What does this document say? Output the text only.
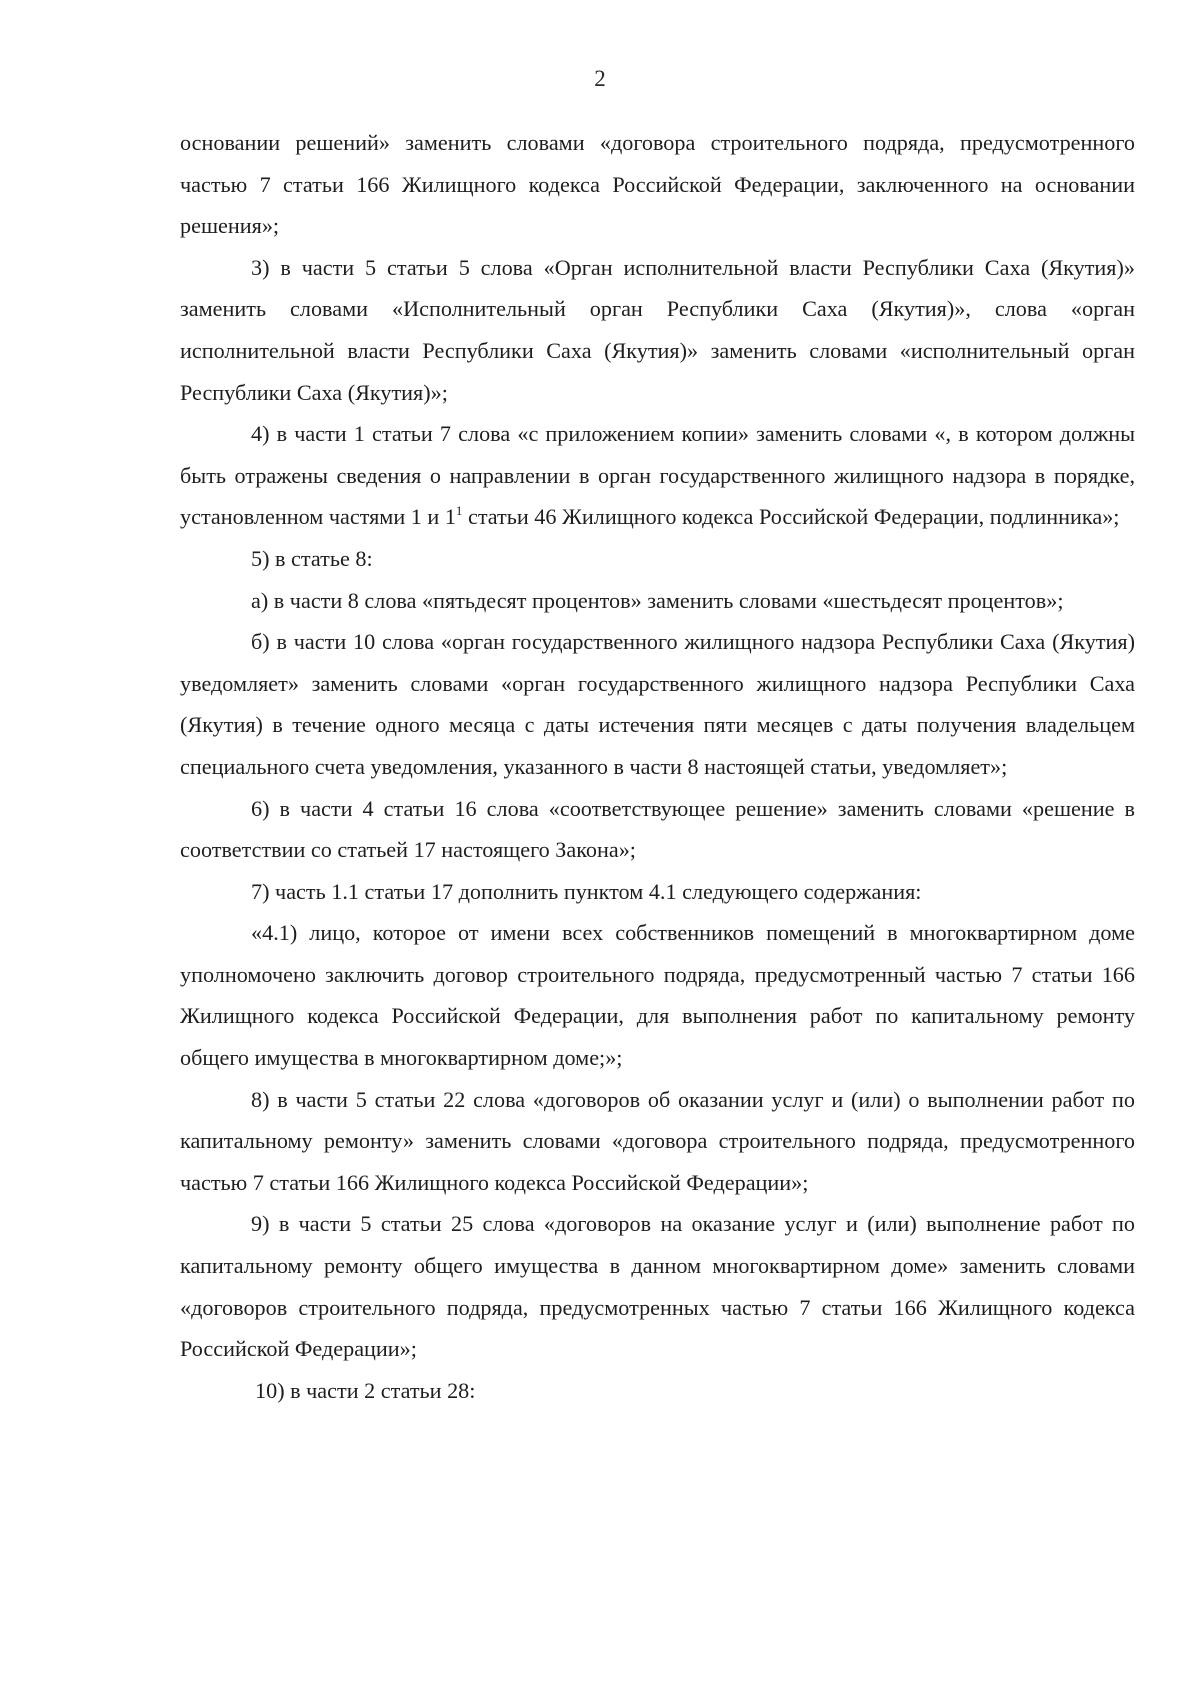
2

основании решений» заменить словами «договора строительного подряда, предусмотренного частью 7 статьи 166 Жилищного кодекса Российской Федерации, заключенного на основании решения»;

3) в части 5 статьи 5 слова «Орган исполнительной власти Республики Саха (Якутия)» заменить словами «Исполнительный орган Республики Саха (Якутия)», слова «орган исполнительной власти Республики Саха (Якутия)» заменить словами «исполнительный орган Республики Саха (Якутия)»;

4) в части 1 статьи 7 слова «с приложением копии» заменить словами «, в котором должны быть отражены сведения о направлении в орган государственного жилищного надзора в порядке, установленном частями 1 и $1^1$ статьи 46 Жилищного кодекса Российской Федерации, подлинника»;

5) в статье 8:

а) в части 8 слова «пятьдесят процентов» заменить словами «шестьдесят процентов»;

б) в части 10 слова «орган государственного жилищного надзора Республики Саха (Якутия) уведомляет» заменить словами «орган государственного жилищного надзора Республики Саха (Якутия) в течение одного месяца с даты истечения пяти месяцев с даты получения владельцем специального счета уведомления, указанного в части 8 настоящей статьи, уведомляет»;

6) в части 4 статьи 16 слова «соответствующее решение» заменить словами «решение в соответствии со статьей 17 настоящего Закона»;

7) часть 1.1 статьи 17 дополнить пунктом 4.1 следующего содержания:

«4.1) лицо, которое от имени всех собственников помещений в многоквартирном доме уполномочено заключить договор строительного подряда, предусмотренный частью 7 статьи 166 Жилищного кодекса Российской Федерации, для выполнения работ по капитальному ремонту общего имущества в многоквартирном доме;»;

8) в части 5 статьи 22 слова «договоров об оказании услуг и (или) о выполнении работ по капитальному ремонту» заменить словами «договора строительного подряда, предусмотренного частью 7 статьи 166 Жилищного кодекса Российской Федерации»;

9) в части 5 статьи 25 слова «договоров на оказание услуг и (или) выполнение работ по капитальному ремонту общего имущества в данном многоквартирном доме» заменить словами «договоров строительного подряда, предусмотренных частью 7 статьи 166 Жилищного кодекса Российской Федерации»;

10) в части 2 статьи 28:
